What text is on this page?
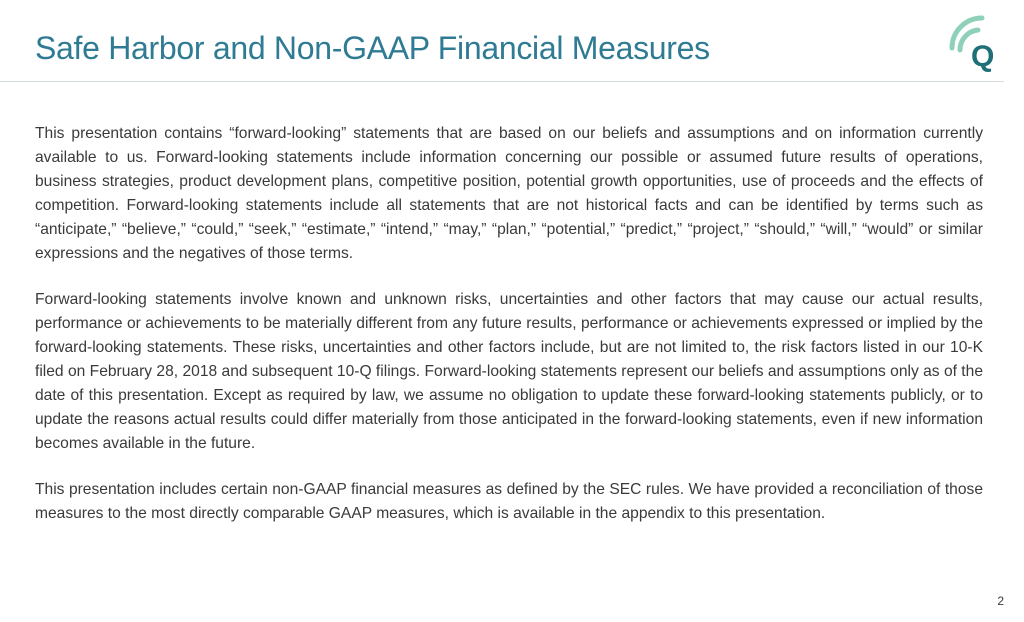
Safe Harbor and Non-GAAP Financial Measures	Q

This presentation contains “forward-looking” statements that are based on our beliefs and assumptions and on information currently available to us. Forward-looking statements include information concerning our possible or assumed future results of operations, business strategies, product development plans, competitive position, potential growth opportunities, use of proceeds and the effects of competition. Forward-looking statements include all statements that are not historical facts and can be identified by terms such as “anticipate,” “believe,” “could,” “seek,” “estimate,” “intend,” “may,” “plan,” “potential,” “predict,” “project,” “should,” “will,” “would” or similar expressions and the negatives of those terms.

Forward-looking statements involve known and unknown risks, uncertainties and other factors that may cause our actual results, performance or achievements to be materially different from any future results, performance or achievements expressed or implied by the forward-looking statements. These risks, uncertainties and other factors include, but are not limited to, the risk factors listed in our 10-K filed on February 28, 2018 and subsequent 10-Q filings. Forward-looking statements represent our beliefs and assumptions only as of the date of this presentation. Except as required by law, we assume no obligation to update these forward-looking statements publicly, or to update the reasons actual results could differ materially from those anticipated in the forward-looking statements, even if new information becomes available in the future.

This presentation includes certain non-GAAP financial measures as defined by the SEC rules. We have provided a reconciliation of those measures to the most directly comparable GAAP measures, which is available in the appendix to this presentation.

2
